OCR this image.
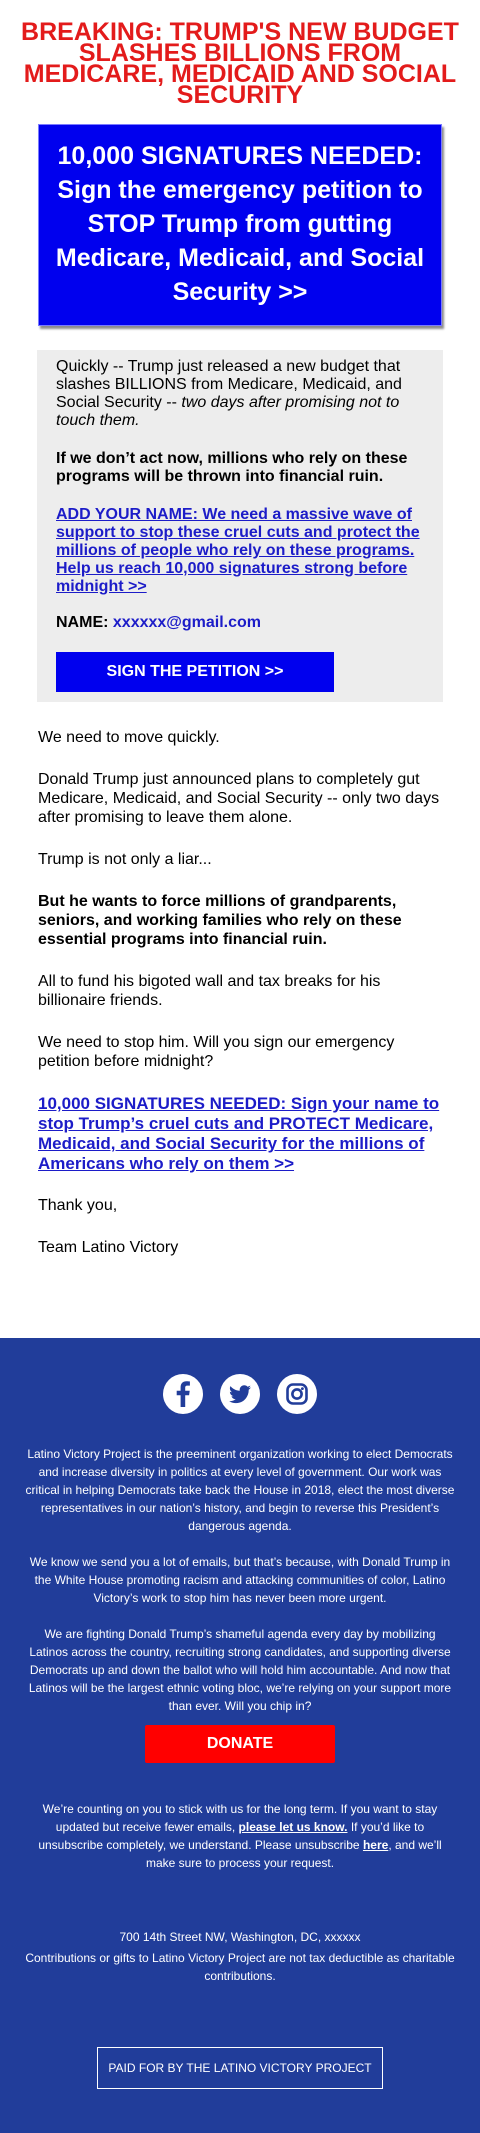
BREAKING: TRUMP'S NEW BUDGET SLASHES BILLIONS FROM MEDICARE, MEDICAID AND SOCIAL SECURITY
10,000 SIGNATURES NEEDED: Sign the emergency petition to STOP Trump from gutting Medicare, Medicaid, and Social Security >>

Quickly -- Trump just released a new budget that slashes BILLIONS from Medicare, Medicaid, and Social Security -- two days after promising not to touch them.

If we don’t act now, millions who rely on these programs will be thrown into financial ruin.

ADD YOUR NAME: We need a massive wave of support to stop these cruel cuts and protect the millions of people who rely on these programs. Help us reach 10,000 signatures strong before midnight >>

NAME: xxxxxx@gmail.com

SIGN THE PETITION >>

We need to move quickly.

Donald Trump just announced plans to completely gut Medicare, Medicaid, and Social Security -- only two days after promising to leave them alone.

Trump is not only a liar...

But he wants to force millions of grandparents, seniors, and working families who rely on these essential programs into financial ruin.

All to fund his bigoted wall and tax breaks for his billionaire friends.

We need to stop him. Will you sign our emergency petition before midnight?

10,000 SIGNATURES NEEDED: Sign your name to stop Trump’s cruel cuts and PROTECT Medicare, Medicaid, and Social Security for the millions of Americans who rely on them >>

Thank you,

Team Latino Victory

Latino Victory Project is the preeminent organization working to elect Democrats and increase diversity in politics at every level of government. Our work was critical in helping Democrats take back the House in 2018, elect the most diverse representatives in our nation’s history, and begin to reverse this President’s dangerous agenda.

We know we send you a lot of emails, but that’s because, with Donald Trump in the White House promoting racism and attacking communities of color, Latino Victory’s work to stop him has never been more urgent.

We are fighting Donald Trump’s shameful agenda every day by mobilizing Latinos across the country, recruiting strong candidates, and supporting diverse Democrats up and down the ballot who will hold him accountable. And now that Latinos will be the largest ethnic voting bloc, we’re relying on your support more than ever. Will you chip in?

DONATE

We’re counting on you to stick with us for the long term. If you want to stay updated but receive fewer emails, please let us know. If you’d like to unsubscribe completely, we understand. Please unsubscribe here, and we’ll make sure to process your request.

700 14th Street NW, Washington, DC, xxxxxx

Contributions or gifts to Latino Victory Project are not tax deductible as charitable contributions.

PAID FOR BY THE LATINO VICTORY PROJECT
